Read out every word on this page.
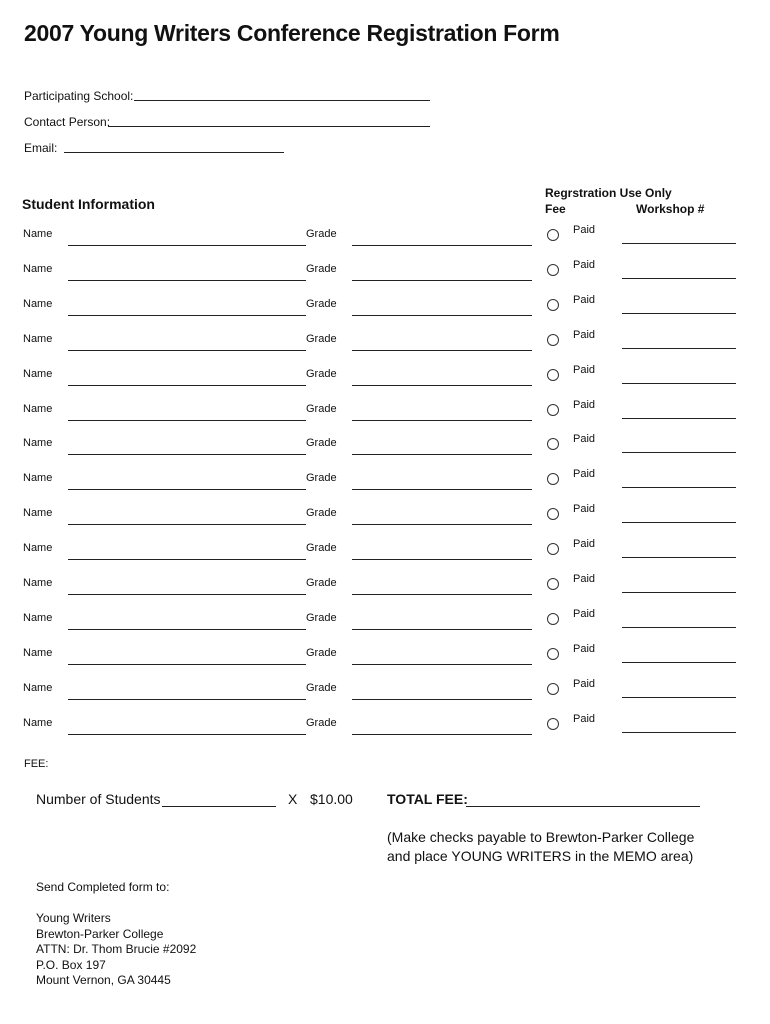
2007 Young Writers Conference Registration Form
Participating School:
Contact Person:
Email:
Student Information
Regrstration Use Only
Fee	Workshop #
Name	Grade	Paid
Name	Grade	Paid
Name	Grade	Paid
Name	Grade	Paid
Name	Grade	Paid
Name	Grade	Paid
Name	Grade	Paid
Name	Grade	Paid
Name	Grade	Paid
Name	Grade	Paid
Name	Grade	Paid
Name	Grade	Paid
Name	Grade	Paid
Name	Grade	Paid
Name	Grade	Paid
FEE:
Number of Students	X $10.00 TOTAL FEE:
(Make checks payable to Brewton-Parker College
and place YOUNG WRITERS in the MEMO area)
Send Completed form to:
Young Writers
Brewton-Parker College
ATTN: Dr. Thom Brucie #2092
P.O. Box 197
Mount Vernon, GA 30445
